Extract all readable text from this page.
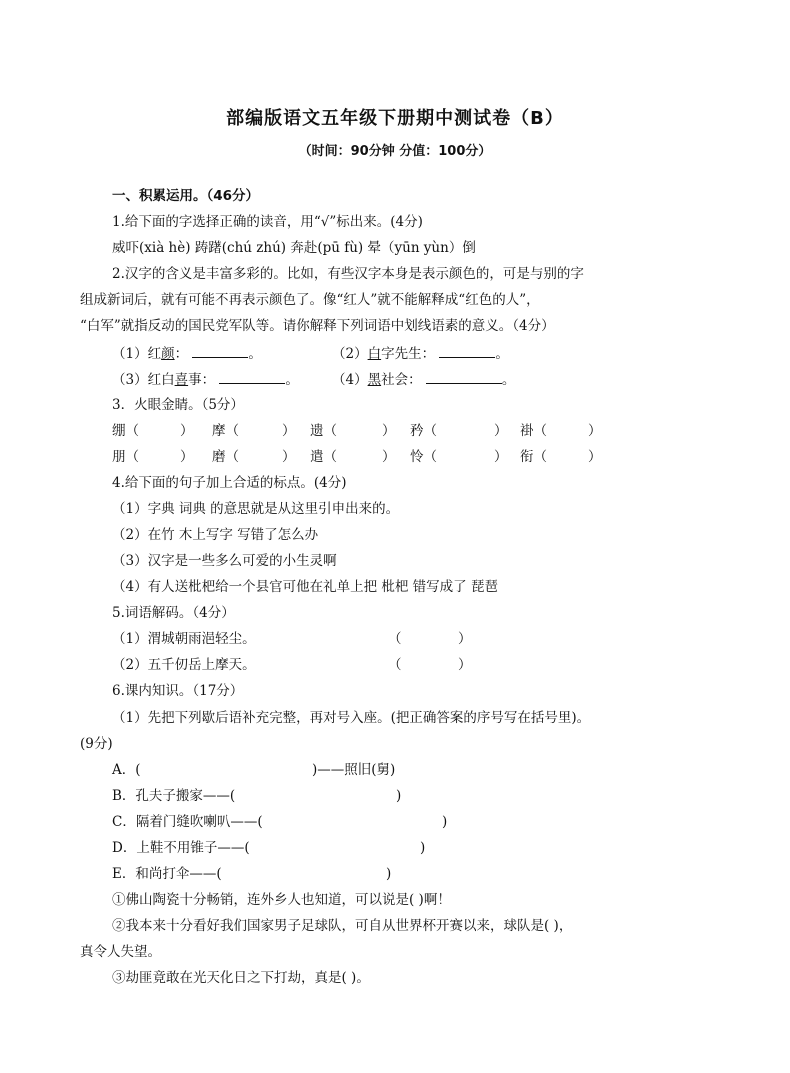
部编版语文五年级下册期中测试卷（B）
（时间：90分钟 分值：100分）
一、积累运用。（46分）
1.给下面的字选择正确的读音，用“√”标出来。(4分)
威吓(xià hè) 踌躇(chú zhú) 奔赴(pū fù) 晕（yūn yùn）倒
2.汉字的含义是丰富多彩的。比如，有些汉字本身是表示颜色的，可是与别的字
组成新词后，就有可能不再表示颜色了。像“红人”就不能解释成“红色的人”，
“白军”就指反动的国民党军队等。请你解释下列词语中划线语素的意义。（4分）
（1）红颜：	。	（2）白字先生：	。
（3）红白喜事：	。 （4）黑社会：	。
3．火眼金睛。（5分）
绷（	） 摩（	） 遗（	） 矜（	） 褂（	）
朋（	） 磨（	） 遣（	） 怜（	） 衔（	）
4.给下面的句子加上合适的标点。(4分)
（1）字典 词典 的意思就是从这里引申出来的。
（2）在竹 木上写字 写错了怎么办
（3）汉字是一些多么可爱的小生灵啊
（4）有人送枇杷给一个县官可他在礼单上把 枇杷 错写成了 琵琶
5.词语解码。（4分）
（1）渭城朝雨浥轻尘。	（	）
（2）五千仞岳上摩天。	（	）
6.课内知识。（17分）
（1）先把下列歇后语补充完整，再对号入座。(把正确答案的序号写在括号里)。
(9分)
A．(	)——照旧(舅)
B．孔夫子搬家——(	)
C．隔着门缝吹喇叭——(	)
D．上鞋不用锥子——(	)
E．和尚打伞——(	)
①佛山陶瓷十分畅销，连外乡人也知道，可以说是( )啊！
②我本来十分看好我们国家男子足球队，可自从世界杯开赛以来，球队是( )，
真令人失望。
③劫匪竟敢在光天化日之下打劫，真是( )。
